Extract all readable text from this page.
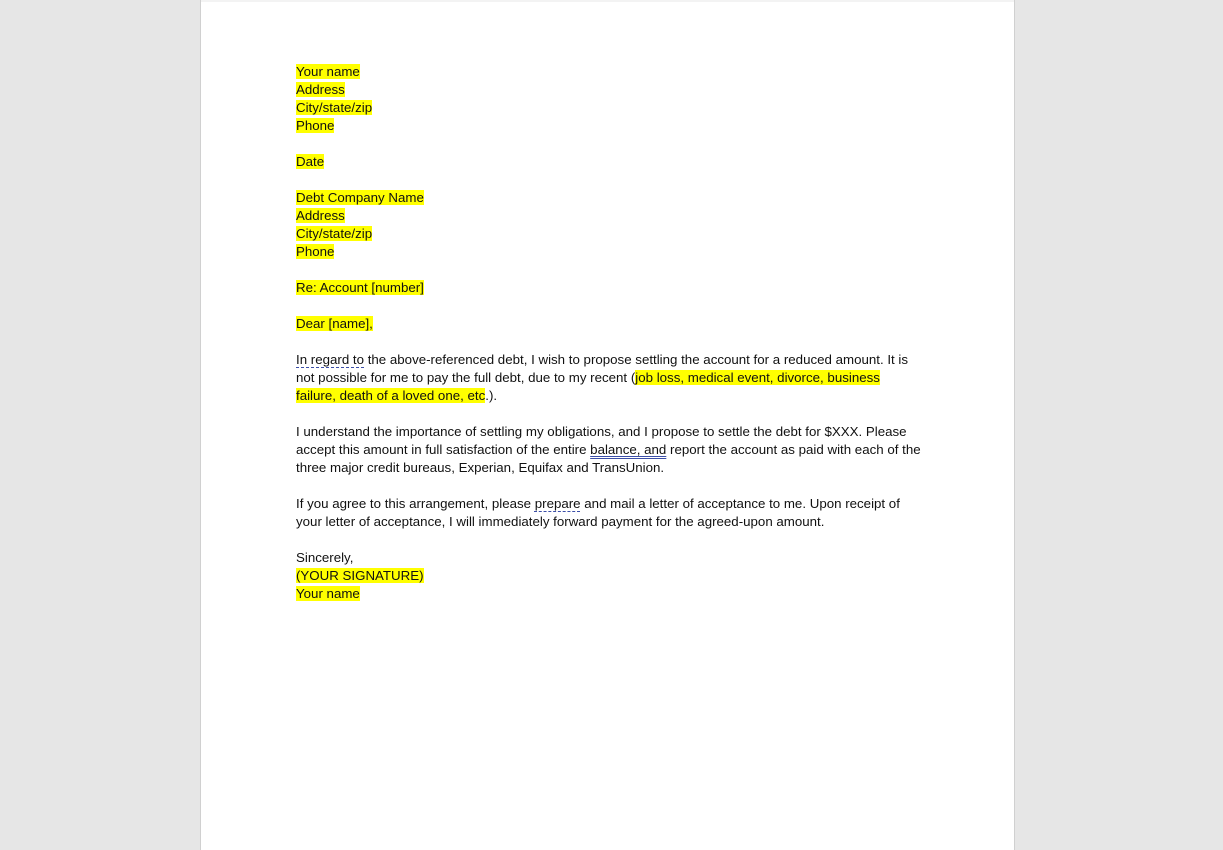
Your name
Address
City/state/zip
Phone
Date
Debt Company Name
Address
City/state/zip
Phone
Re: Account [number]
Dear [name],
In regard to the above-referenced debt, I wish to propose settling the account for a reduced amount. It is not possible for me to pay the full debt, due to my recent (job loss, medical event, divorce, business failure, death of a loved one, etc.).
I understand the importance of settling my obligations, and I propose to settle the debt for $XXX. Please accept this amount in full satisfaction of the entire balance, and report the account as paid with each of the three major credit bureaus, Experian, Equifax and TransUnion.
If you agree to this arrangement, please prepare and mail a letter of acceptance to me. Upon receipt of your letter of acceptance, I will immediately forward payment for the agreed-upon amount.
Sincerely,
(YOUR SIGNATURE)
Your name
